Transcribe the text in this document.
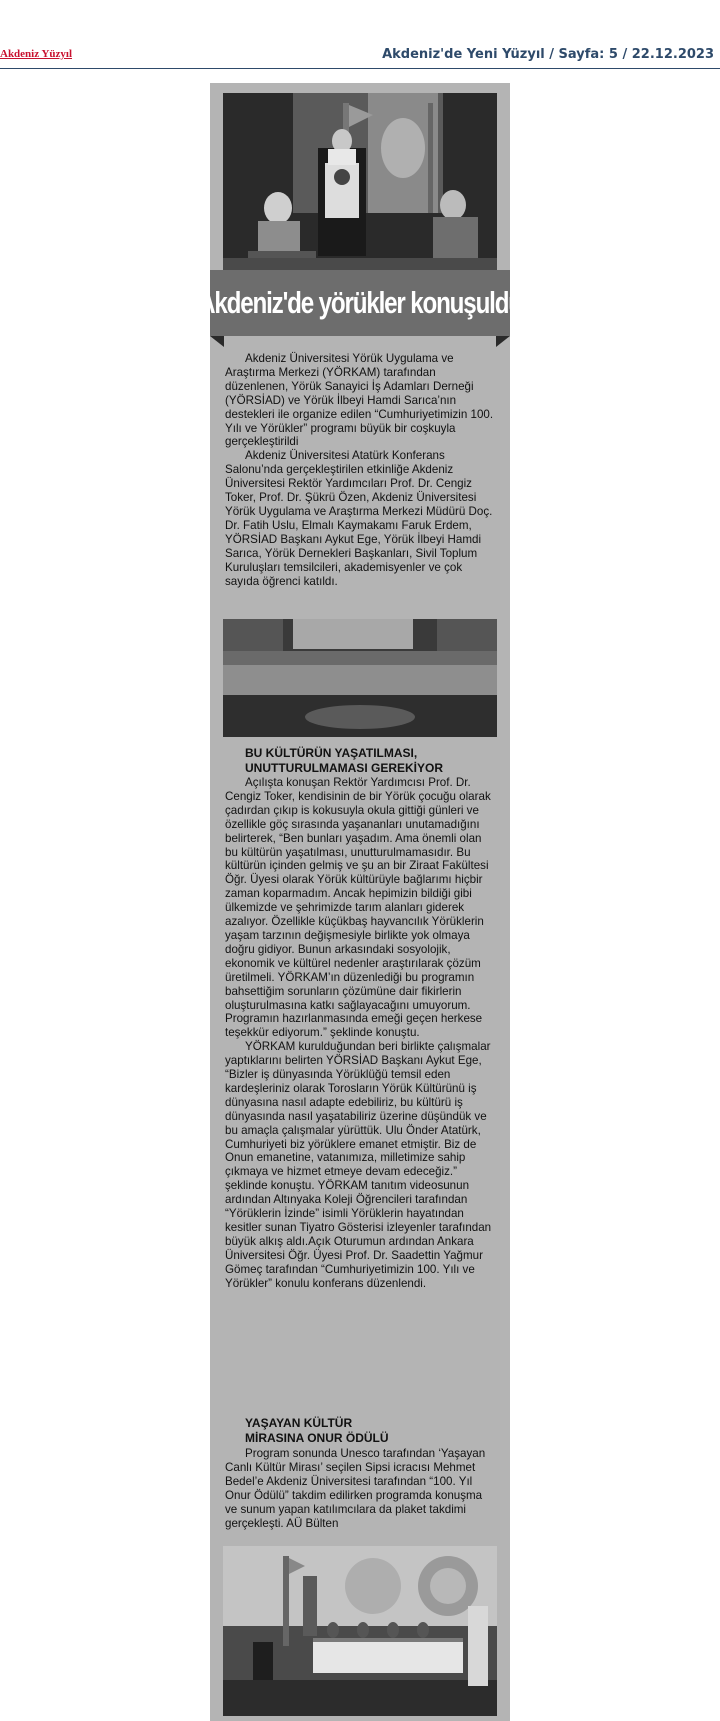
Akdeniz Yüzyıl	Akdeniz'de Yeni Yüzyıl / Sayfa: 5 / 22.12.2023
Akdeniz'de yörükler konuşuldu

Akdeniz Üniversitesi Yörük Uygulama ve Araştırma Merkezi (YÖRKAM) tarafından düzenlenen, Yörük Sanayici İş Adamları Derneği (YÖRSİAD) ve Yörük İlbeyi Hamdi Sarıca’nın destekleri ile organize edilen “Cumhuriyetimizin 100. Yılı ve Yörükler” programı büyük bir coşkuyla gerçekleştirildi

Akdeniz Üniversitesi Atatürk Konferans Salonu’nda gerçekleştirilen etkinliğe Akdeniz Üniversitesi Rektör Yardımcıları Prof. Dr. Cengiz Toker, Prof. Dr. Şükrü Özen, Akdeniz Üniversitesi Yörük Uygulama ve Araştırma Merkezi Müdürü Doç. Dr. Fatih Uslu, Elmalı Kaymakamı Faruk Erdem, YÖRSİAD Başkanı Aykut Ege, Yörük İlbeyi Hamdi Sarıca, Yörük Dernekleri Başkanları, Sivil Toplum Kuruluşları temsilcileri, akademisyenler ve çok sayıda öğrenci katıldı.

BU KÜLTÜRÜN YAŞATILMASI,
UNUTTURULMAMASI GEREKİYOR

Açılışta konuşan Rektör Yardımcısı Prof. Dr. Cengiz Toker, kendisinin de bir Yörük çocuğu olarak çadırdan çıkıp is kokusuyla okula gittiği günleri ve özellikle göç sırasında yaşananları unutamadığını belirterek, “Ben bunları yaşadım. Ama önemli olan bu kültürün yaşatılması, unutturulmamasıdır. Bu kültürün içinden gelmiş ve şu an bir Ziraat Fakültesi Öğr. Üyesi olarak Yörük kültürüyle bağlarımı hiçbir zaman koparmadım. Ancak hepimizin bildiği gibi ülkemizde ve şehrimizde tarım alanları giderek azalıyor. Özellikle küçükbaş hayvancılık Yörüklerin yaşam tarzının değişmesiyle birlikte yok olmaya doğru gidiyor. Bunun arkasındaki sosyolojik, ekonomik ve kültürel nedenler araştırılarak çözüm üretilmeli. YÖRKAM’ın düzenlediği bu programın bahsettiğim sorunların çözümüne dair fikirlerin oluşturulmasına katkı sağlayacağını umuyorum. Programın hazırlanmasında emeği geçen herkese teşekkür ediyorum.” şeklinde konuştu.

YÖRKAM kurulduğundan beri birlikte çalışmalar yaptıklarını belirten YÖRSİAD Başkanı Aykut Ege, “Bizler iş dünyasında Yörüklüğü temsil eden kardeşleriniz olarak Torosların Yörük Kültürünü iş dünyasına nasıl adapte edebiliriz, bu kültürü iş dünyasında nasıl yaşatabiliriz üzerine düşündük ve bu amaçla çalışmalar yürüttük. Ulu Önder Atatürk, Cumhuriyeti biz yörüklere emanet etmiştir. Biz de Onun emanetine, vatanımıza, milletimize sahip çıkmaya ve hizmet etmeye devam edeceğiz.” şeklinde konuştu. YÖRKAM tanıtım videosunun ardından Altınyaka Koleji Öğrencileri tarafından “Yörüklerin İzinde” isimli Yörüklerin hayatından kesitler sunan Tiyatro Gösterisi izleyenler tarafından büyük alkış aldı.Açık Oturumun ardından Ankara Üniversitesi Öğr. Üyesi Prof. Dr. Saadettin Yağmur Gömeç tarafından “Cumhuriyetimizin 100. Yılı ve Yörükler” konulu konferans düzenlendi.

YAŞAYAN KÜLTÜR
MİRASINA ONUR ÖDÜLÜ

Program sonunda Unesco tarafından ‘Yaşayan Canlı Kültür Mirası’ seçilen Sipsi icracısı Mehmet Bedel’e Akdeniz Üniversitesi tarafından “100. Yıl Onur Ödülü” takdim edilirken programda konuşma ve sunum yapan katılımcılara da plaket takdimi gerçekleşti. AÜ Bülten
